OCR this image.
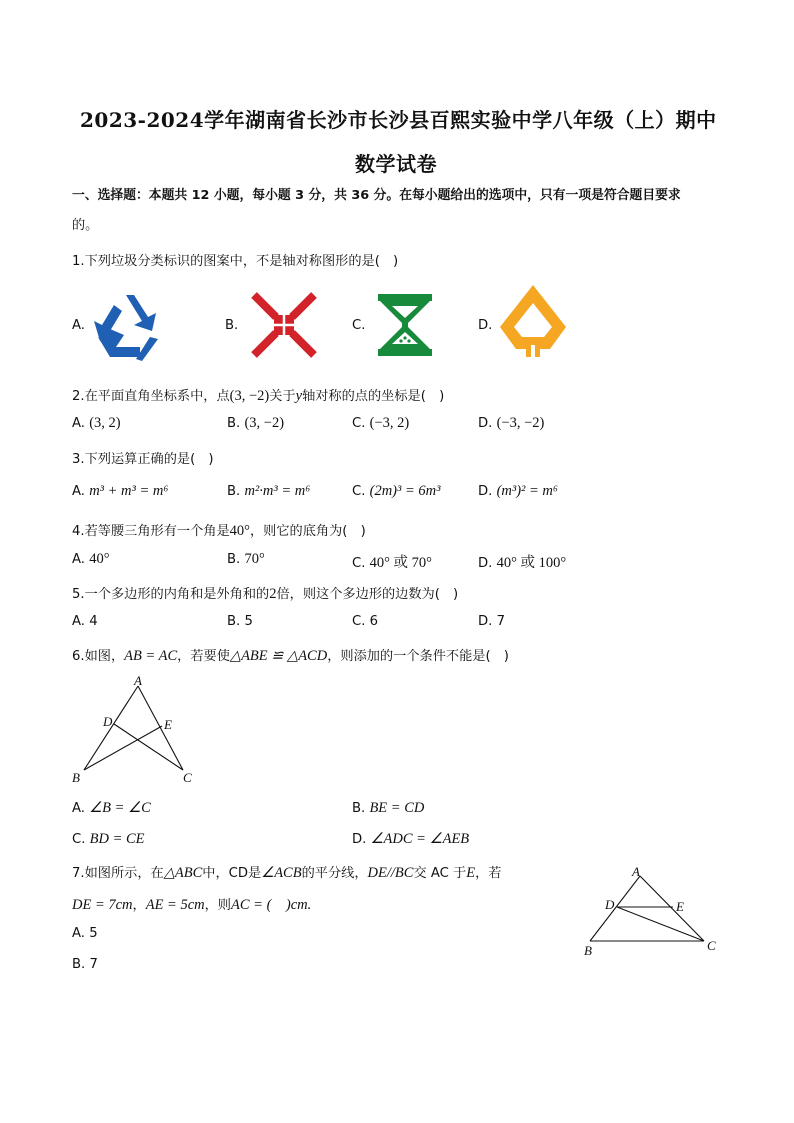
2023-2024学年湖南省长沙市长沙县百熙实验中学八年级（上）期中
数学试卷
一、选择题：本题共 12 小题，每小题 3 分，共 36 分。在每小题给出的选项中，只有一项是符合题目要求
的。
1.下列垃圾分类标识的图案中，不是轴对称图形的是(　)
A.	B.	C.	D.
2.在平面直角坐标系中，点(3, −2)关于y轴对称的点的坐标是(　)
A. (3, 2)	B. (3, −2)	C. (−3, 2)	D. (−3, −2)
3.下列运算正确的是(　)
A. m³ + m³ = m⁶	B. m²·m³ = m⁶	C. (2m)³ = 6m³	D. (m³)² = m⁶
4.若等腰三角形有一个角是40°，则它的底角为(　)
A. 40°	B. 70°	C. 40° 或 70°	D. 40° 或 100°
5.一个多边形的内角和是外角和的2倍，则这个多边形的边数为(　)
A. 4	B. 5	C. 6	D. 7
6.如图，AB = AC，若要使△ABE ≌ △ACD，则添加的一个条件不能是(　)
A
D	E
B	C
A. ∠B = ∠C	B. BE = CD
C. BD = CE	D. ∠ADC = ∠AEB
7.如图所示，在△ABC中，CD是∠ACB的平分线，DE//BC交 AC 于E，若
DE = 7cm，AE = 5cm，则AC = (　)cm.
A
D	E
B	C
A. 5
B. 7
